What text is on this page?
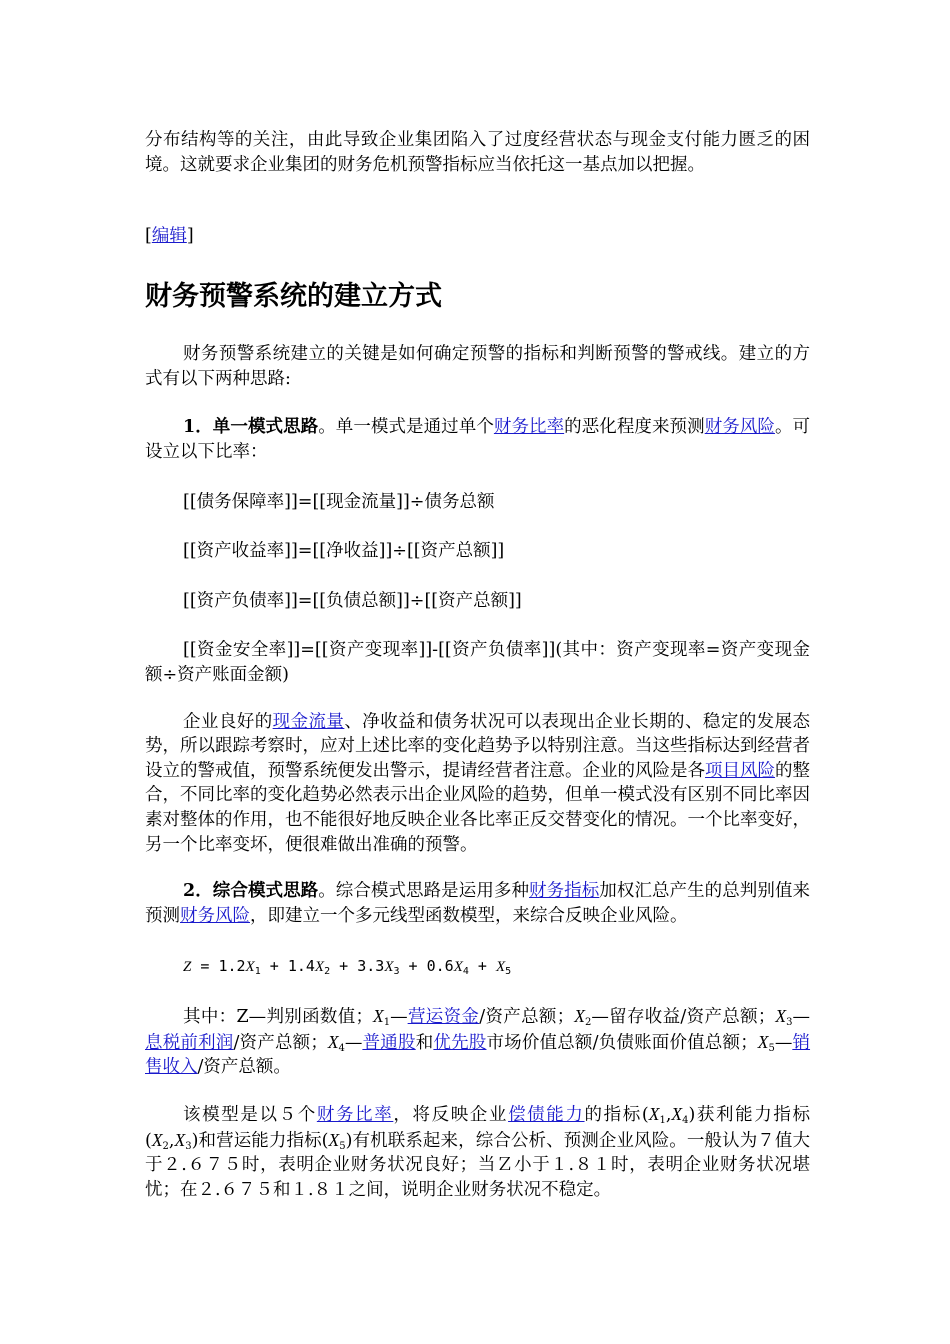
分布结构等的关注，由此导致企业集团陷入了过度经营状态与现金支付能力匮乏的困境。这就要求企业集团的财务危机预警指标应当依托这一基点加以把握。

[编辑]
财务预警系统的建立方式

财务预警系统建立的关键是如何确定预警的指标和判断预警的警戒线。建立的方式有以下两种思路:

1．单一模式思路。单一模式是通过单个财务比率的恶化程度来预测财务风险。可设立以下比率：

[[债务保障率]]=[[现金流量]]÷债务总额

[[资产收益率]]=[[净收益]]÷[[资产总额]]

[[资产负债率]]=[[负债总额]]÷[[资产总额]]

[[资金安全率]]=[[资产变现率]]-[[资产负债率]](其中：资产变现率=资产变现金额÷资产账面金额)

企业良好的现金流量、净收益和债务状况可以表现出企业长期的、稳定的发展态势，所以跟踪考察时，应对上述比率的变化趋势予以特别注意。当这些指标达到经营者设立的警戒值，预警系统便发出警示，提请经营者注意。企业的风险是各项目风险的整合，不同比率的变化趋势必然表示出企业风险的趋势，但单一模式没有区别不同比率因素对整体的作用，也不能很好地反映企业各比率正反交替变化的情况。一个比率变好，另一个比率变坏，便很难做出准确的预警。

2．综合模式思路。综合模式思路是运用多种财务指标加权汇总产生的总判别值来预测财务风险，即建立一个多元线型函数模型，来综合反映企业风险。

$Z = 1.2X_1 + 1.4X_2 + 3.3X_3 + 0.6X_4 + X_5$

其中：Z—判别函数值；$X_1—$营运资金/资产总额；$X_2—$留存收益/资产总额；$X_3—$息税前利润/资产总额；$X_4—$普通股和优先股市场价值总额/负债账面价值总额；$X_5—$销售收入/资产总额。

该模型是以５个财务比率，将反映企业偿债能力的指标$(X_1,X_4)$获利能力指标$(X_2,X_3)$和营运能力指标$(X_5)$有机联系起来，综合公析、预测企业风险。一般认为７值大于２.６７５时，表明企业财务状况良好；当Ｚ小于１.８１时，表明企业财务状况堪忧；在２.６７５和１.８１之间，说明企业财务状况不稳定。
